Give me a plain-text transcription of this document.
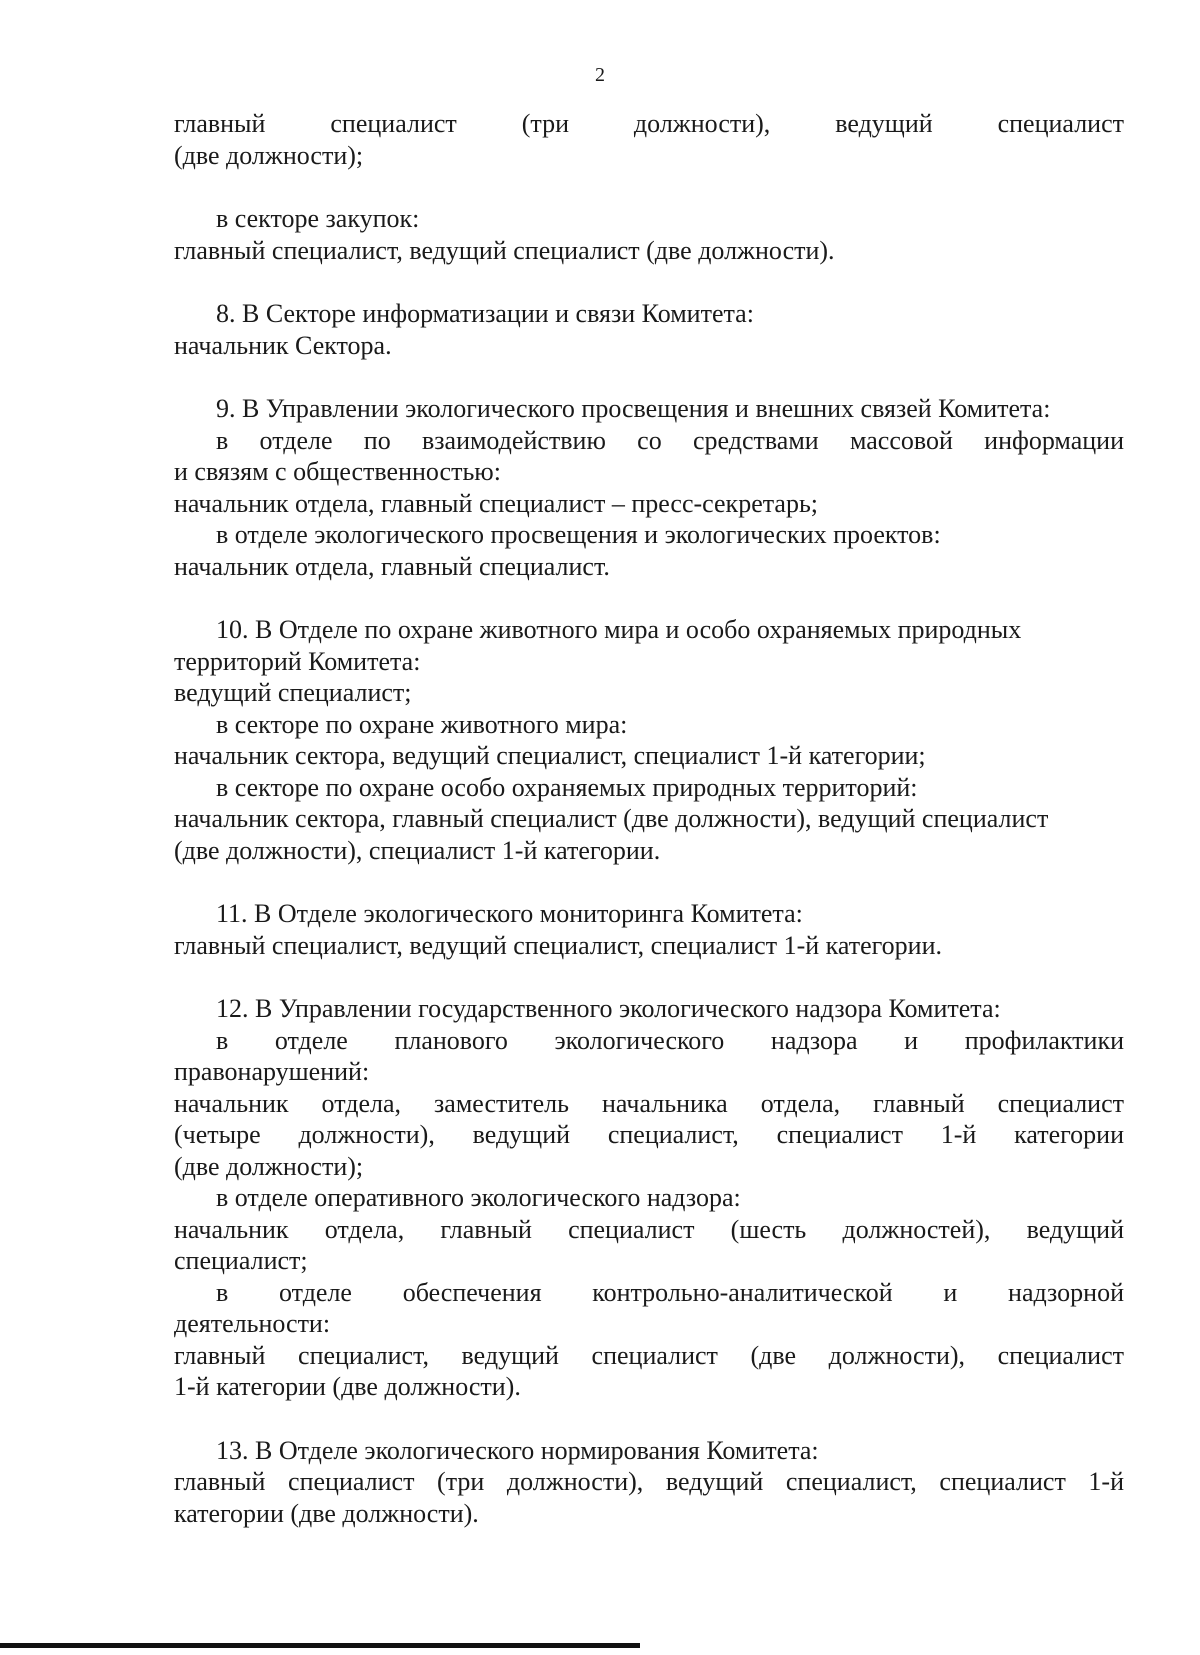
2
главный специалист (три должности), ведущий специалист
(две должности);
в секторе закупок:
главный специалист, ведущий специалист (две должности).
8. В Секторе информатизации и связи Комитета:
начальник Сектора.
9. В Управлении экологического просвещения и внешних связей Комитета:
в отделе по взаимодействию со средствами массовой информации
и связям с общественностью:
начальник отдела, главный специалист – пресс-секретарь;
в отделе экологического просвещения и экологических проектов:
начальник отдела, главный специалист.
10. В Отделе по охране животного мира и особо охраняемых природных
территорий Комитета:
ведущий специалист;
в секторе по охране животного мира:
начальник сектора, ведущий специалист, специалист 1-й категории;
в секторе по охране особо охраняемых природных территорий:
начальник сектора, главный специалист (две должности), ведущий специалист
(две должности), специалист 1-й категории.
11. В Отделе экологического мониторинга Комитета:
главный специалист, ведущий специалист, специалист 1-й категории.
12. В Управлении государственного экологического надзора Комитета:
в отделе планового экологического надзора и профилактики
правонарушений:
начальник отдела, заместитель начальника отдела, главный специалист
(четыре должности), ведущий специалист, специалист 1-й категории
(две должности);
в отделе оперативного экологического надзора:
начальник отдела, главный специалист (шесть должностей), ведущий
специалист;
в отделе обеспечения контрольно-аналитической и надзорной
деятельности:
главный специалист, ведущий специалист (две должности), специалист
1-й категории (две должности).
13. В Отделе экологического нормирования Комитета:
главный специалист (три должности), ведущий специалист, специалист 1-й
категории (две должности).
